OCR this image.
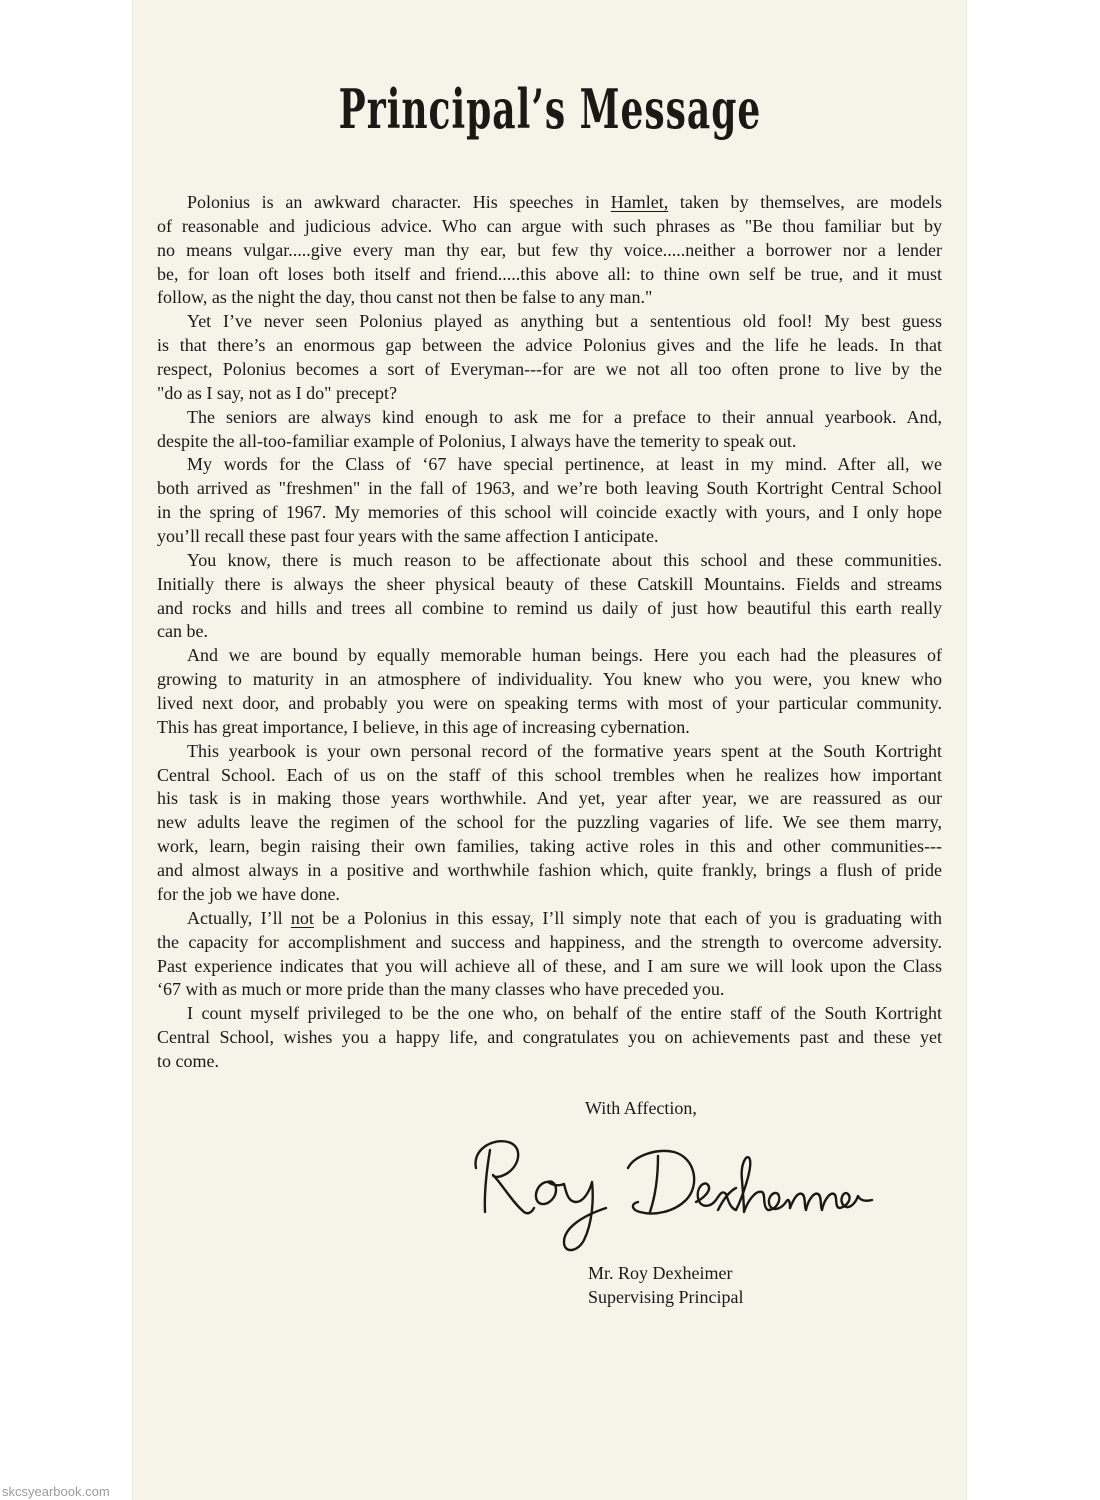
Principal’s Message
Polonius is an awkward character. His speeches in Hamlet, taken by themselves, are models
of reasonable and judicious advice. Who can argue with such phrases as "Be thou familiar but by
no means vulgar.....give every man thy ear, but few thy voice.....neither a borrower nor a lender
be, for loan oft loses both itself and friend.....this above all: to thine own self be true, and it must
follow, as the night the day, thou canst not then be false to any man."
Yet I’ve never seen Polonius played as anything but a sententious old fool! My best guess
is that there’s an enormous gap between the advice Polonius gives and the life he leads. In that
respect, Polonius becomes a sort of Everyman---for are we not all too often prone to live by the
"do as I say, not as I do" precept?
The seniors are always kind enough to ask me for a preface to their annual yearbook. And,
despite the all-too-familiar example of Polonius, I always have the temerity to speak out.
My words for the Class of ‘67 have special pertinence, at least in my mind. After all, we
both arrived as "freshmen" in the fall of 1963, and we’re both leaving South Kortright Central School
in the spring of 1967. My memories of this school will coincide exactly with yours, and I only hope
you’ll recall these past four years with the same affection I anticipate.
You know, there is much reason to be affectionate about this school and these communities.
Initially there is always the sheer physical beauty of these Catskill Mountains. Fields and streams
and rocks and hills and trees all combine to remind us daily of just how beautiful this earth really
can be.
And we are bound by equally memorable human beings. Here you each had the pleasures of
growing to maturity in an atmosphere of individuality. You knew who you were, you knew who
lived next door, and probably you were on speaking terms with most of your particular community.
This has great importance, I believe, in this age of increasing cybernation.
This yearbook is your own personal record of the formative years spent at the South Kortright
Central School. Each of us on the staff of this school trembles when he realizes how important
his task is in making those years worthwhile. And yet, year after year, we are reassured as our
new adults leave the regimen of the school for the puzzling vagaries of life. We see them marry,
work, learn, begin raising their own families, taking active roles in this and other communities---
and almost always in a positive and worthwhile fashion which, quite frankly, brings a flush of pride
for the job we have done.
Actually, I’ll not be a Polonius in this essay, I’ll simply note that each of you is graduating with
the capacity for accomplishment and success and happiness, and the strength to overcome adversity.
Past experience indicates that you will achieve all of these, and I am sure we will look upon the Class
‘67 with as much or more pride than the many classes who have preceded you.
I count myself privileged to be the one who, on behalf of the entire staff of the South Kortright
Central School, wishes you a happy life, and congratulates you on achievements past and these yet
to come.
With Affection,
Mr. Roy Dexheimer
Supervising Principal
skcsyearbook.com
